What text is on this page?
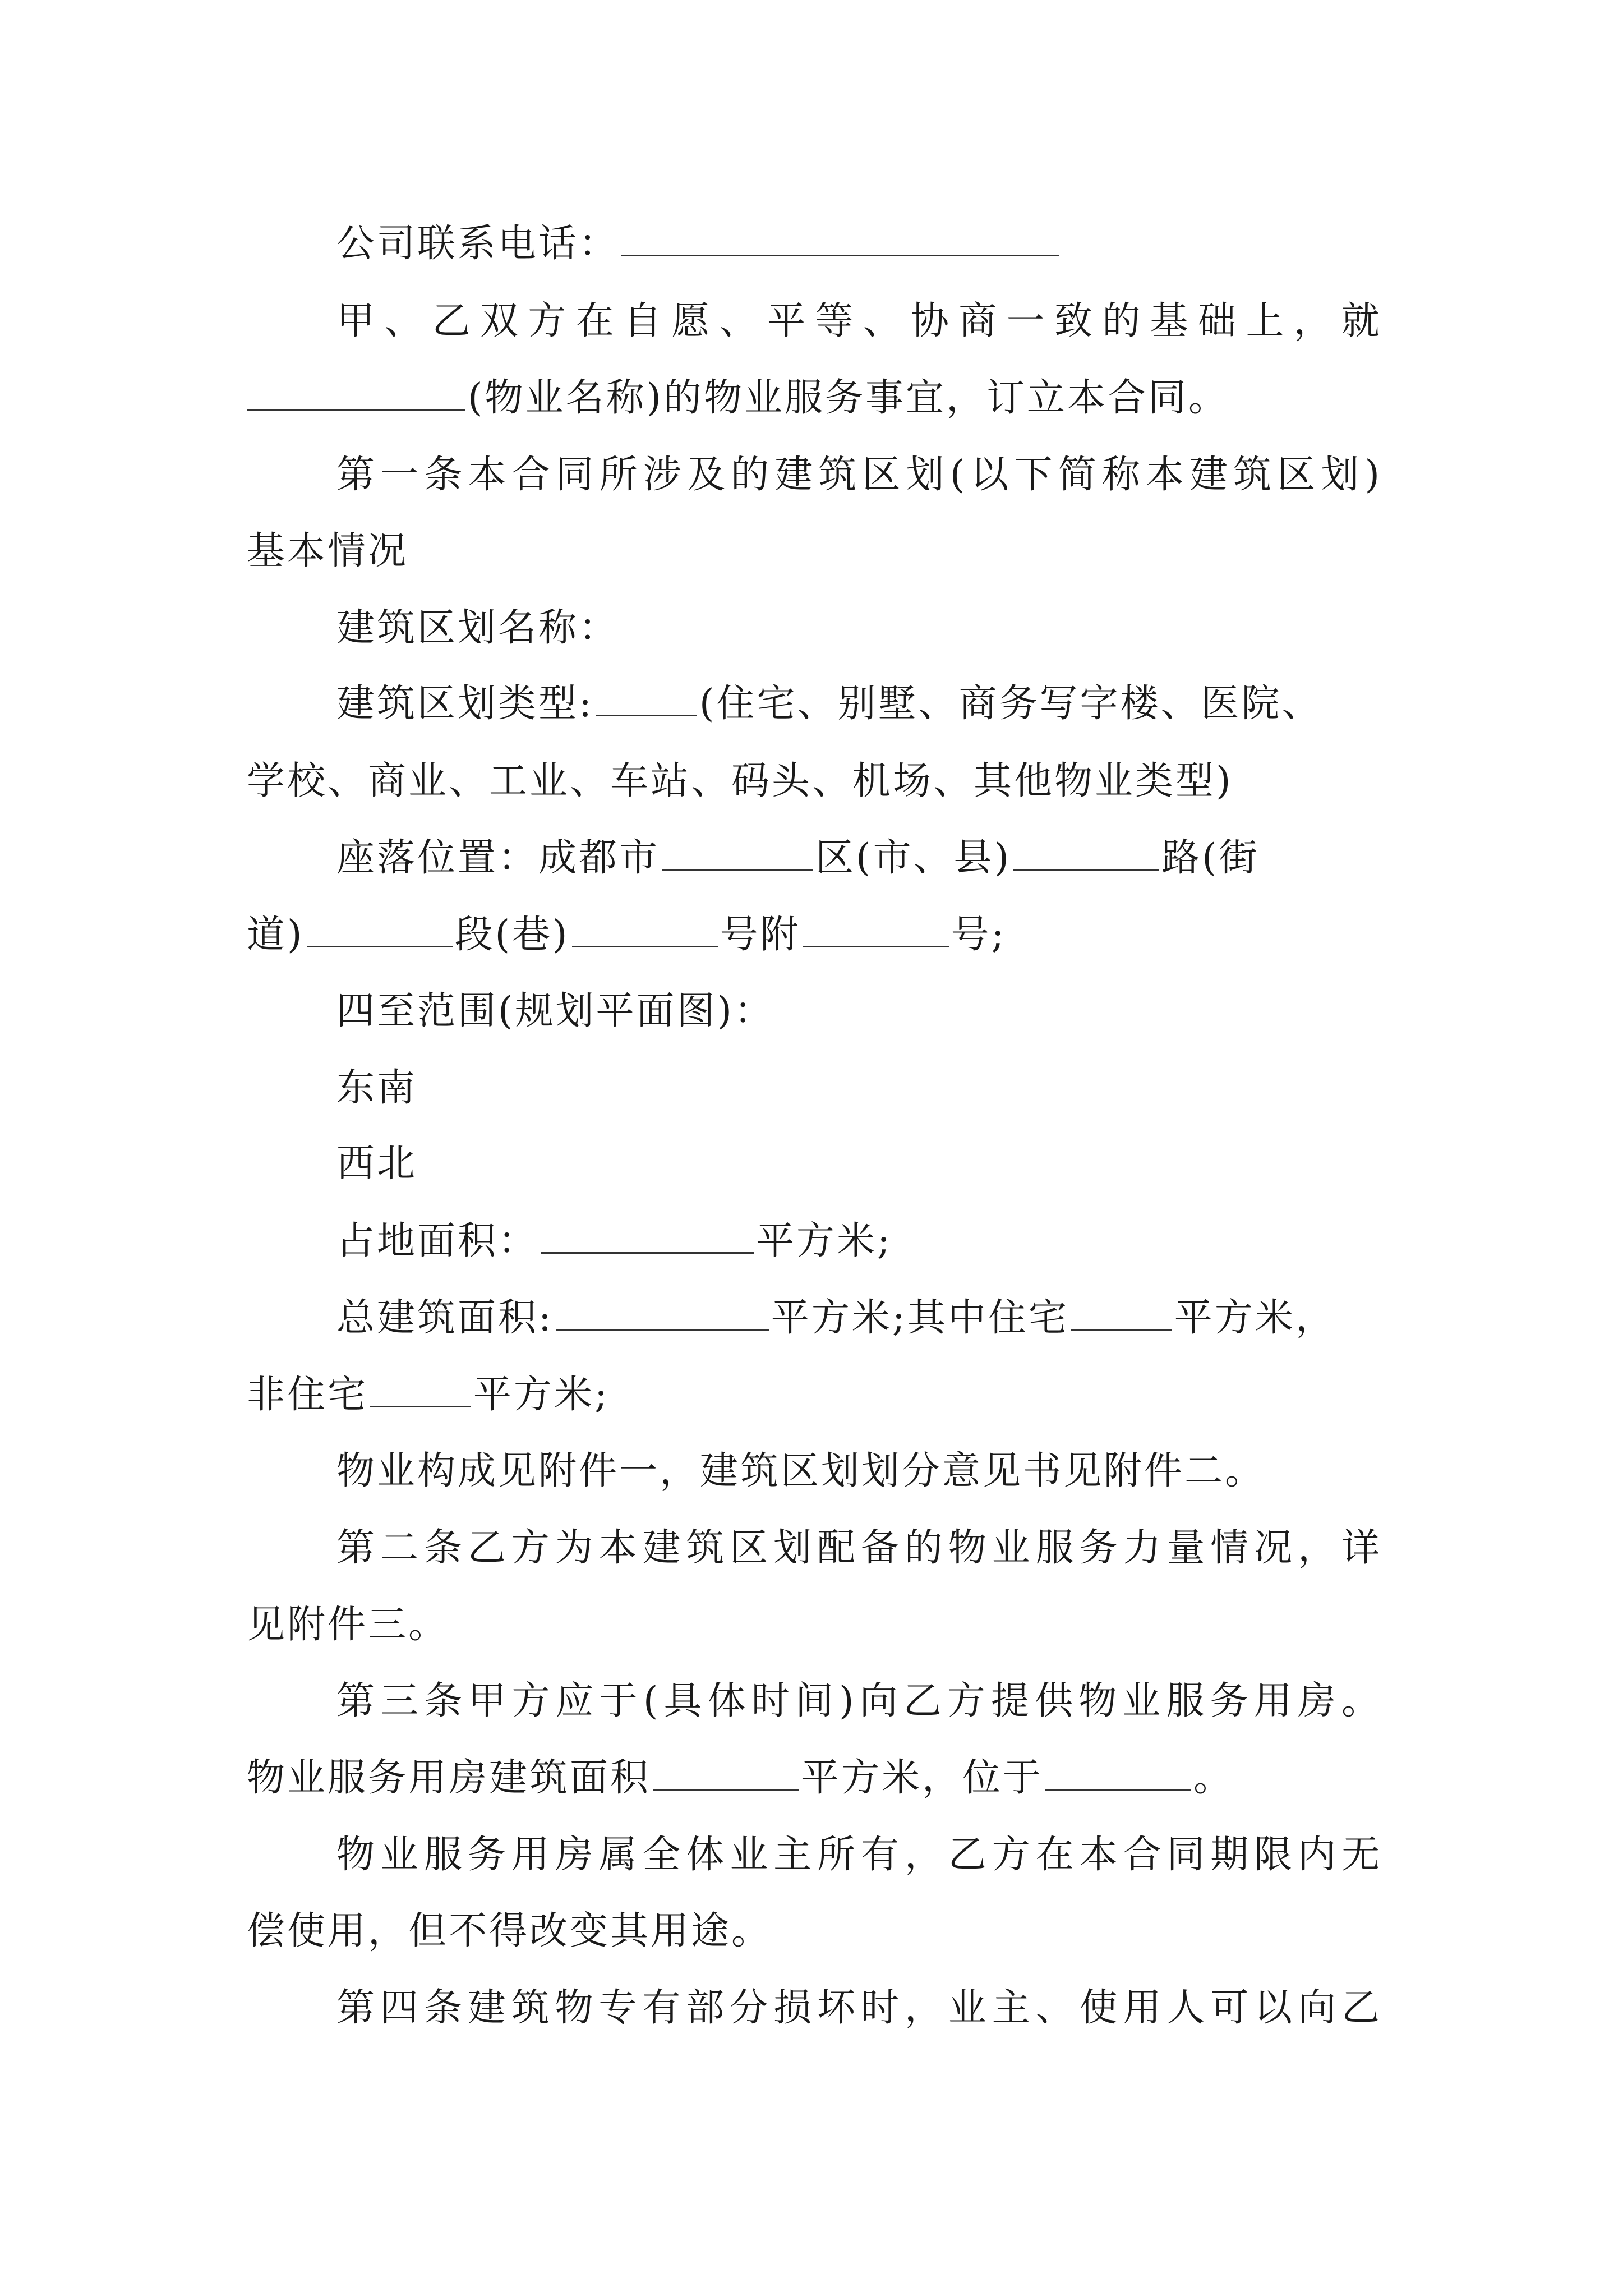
公司联系电话：
甲、乙双方在自愿、平等、协商一致的基础上，就
(物业名称)的物业服务事宜，订立本合同。
第一条本合同所涉及的建筑区划(以下简称本建筑区划)
基本情况
建筑区划名称：
建筑区划类型:	(住宅、别墅、商务写字楼、医院、
学校、商业、工业、车站、码头、机场、其他物业类型)
座落位置：成都市	区(市、县)	路(街
道)	段(巷)	号附	号;
四至范围(规划平面图)：
东南
西北
占地面积：	平方米;
总建筑面积:	平方米;其中住宅	平方米，
非住宅	平方米;
物业构成见附件一，建筑区划划分意见书见附件二。
第二条乙方为本建筑区划配备的物业服务力量情况，详
见附件三。
第三条甲方应于(具体时间)向乙方提供物业服务用房。
物业服务用房建筑面积	平方米，位于	。
物业服务用房属全体业主所有，乙方在本合同期限内无
偿使用，但不得改变其用途。
第四条建筑物专有部分损坏时，业主、使用人可以向乙
